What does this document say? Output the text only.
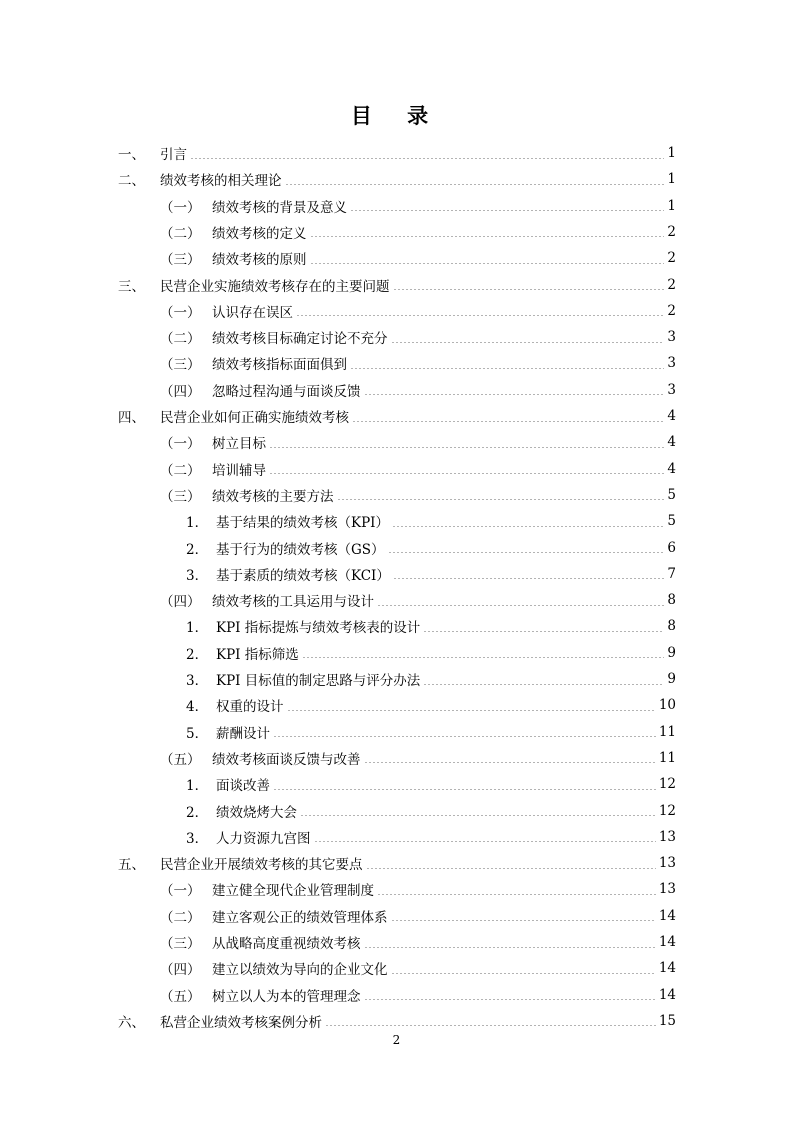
目 录
一、	引言	1
二、	绩效考核的相关理论	1
（一） 绩效考核的背景及意义	1
（二） 绩效考核的定义	2
（三） 绩效考核的原则	2
三、	民营企业实施绩效考核存在的主要问题	2
（一） 认识存在误区	2
（二） 绩效考核目标确定讨论不充分	3
（三） 绩效考核指标面面俱到	3
（四） 忽略过程沟通与面谈反馈	3
四、	民营企业如何正确实施绩效考核	4
（一） 树立目标	4
（二） 培训辅导	4
（三） 绩效考核的主要方法	5
1． 基于结果的绩效考核（KPI）	5
2． 基于行为的绩效考核（GS）	6
3． 基于素质的绩效考核（KCI）	7
（四） 绩效考核的工具运用与设计	8
1． KPI 指标提炼与绩效考核表的设计	8
2． KPI 指标筛选	9
3． KPI 目标值的制定思路与评分办法	9
4． 权重的设计	10
5． 薪酬设计	11
（五） 绩效考核面谈反馈与改善	11
1． 面谈改善	12
2． 绩效烧烤大会	12
3． 人力资源九宫图	13
五、	民营企业开展绩效考核的其它要点	13
（一） 建立健全现代企业管理制度	13
（二） 建立客观公正的绩效管理体系	14
（三） 从战略高度重视绩效考核	14
（四） 建立以绩效为导向的企业文化	14
（五） 树立以人为本的管理理念	14
六、	私营企业绩效考核案例分析	15
2
